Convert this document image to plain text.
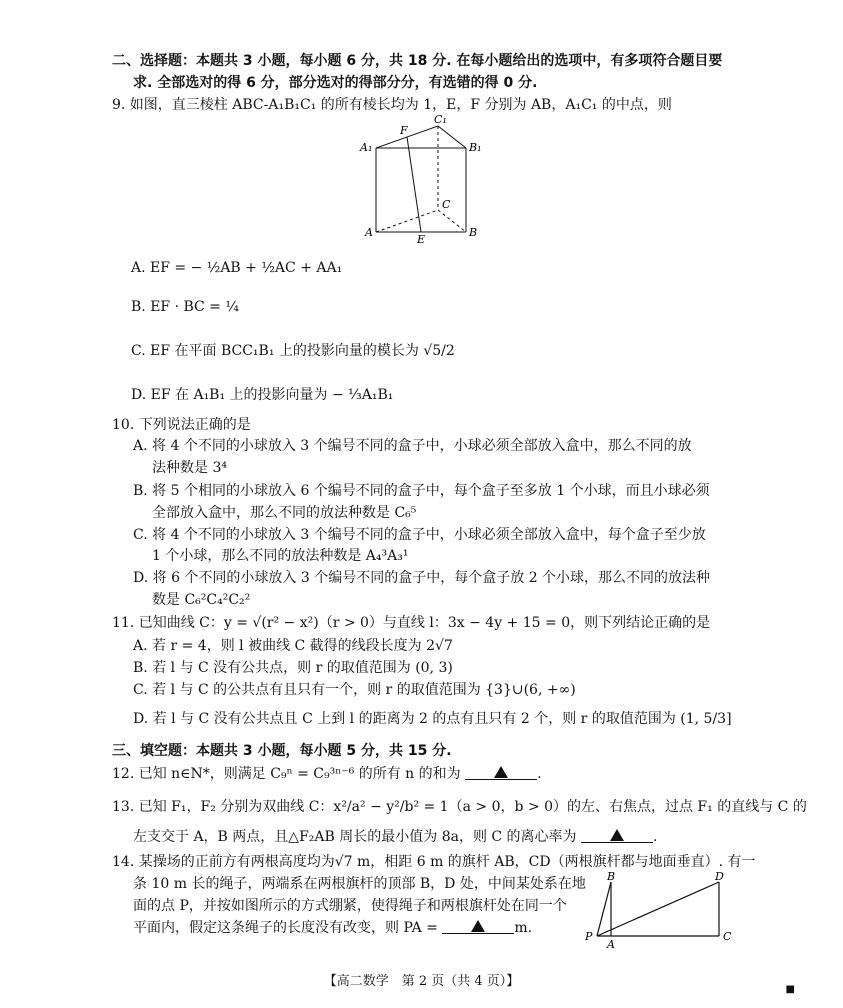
二、选择题：本题共 3 小题，每小题 6 分，共 18 分. 在每小题给出的选项中，有多项符合题目要
求. 全部选对的得 6 分，部分选对的得部分分，有选错的得 0 分.
9. 如图，直三棱柱 ABC-A₁B₁C₁ 的所有棱长均为 1，E，F 分别为 AB，A₁C₁ 的中点，则
A₁	B₁
C₁
F
A	B
C
E
A. EF = − ½AB + ½AC + AA₁
B. EF · BC = ¼
C. EF 在平面 BCC₁B₁ 上的投影向量的模长为 √5/2
D. EF 在 A₁B₁ 上的投影向量为 − ⅓A₁B₁
10. 下列说法正确的是
A. 将 4 个不同的小球放入 3 个编号不同的盒子中，小球必须全部放入盒中，那么不同的放
法种数是 3⁴
B. 将 5 个相同的小球放入 6 个编号不同的盒子中，每个盒子至多放 1 个小球，而且小球必须
全部放入盒中，那么不同的放法种数是 C₆⁵
C. 将 4 个不同的小球放入 3 个编号不同的盒子中，小球必须全部放入盒中，每个盒子至少放
1 个小球，那么不同的放法种数是 A₄³A₃¹
D. 将 6 个不同的小球放入 3 个编号不同的盒子中，每个盒子放 2 个小球，那么不同的放法种
数是 C₆²C₄²C₂²
11. 已知曲线 C：y = √(r² − x²)（r > 0）与直线 l：3x − 4y + 15 = 0，则下列结论正确的是
A. 若 r = 4，则 l 被曲线 C 截得的线段长度为 2√7
B. 若 l 与 C 没有公共点，则 r 的取值范围为 (0, 3)
C. 若 l 与 C 的公共点有且只有一个，则 r 的取值范围为 {3}∪(6, +∞)
D. 若 l 与 C 没有公共点且 C 上到 l 的距离为 2 的点有且只有 2 个，则 r 的取值范围为 (1, 5/3]
三、填空题：本题共 3 小题，每小题 5 分，共 15 分.
12. 已知 n∈N*，则满足 C₉ⁿ = C₉³ⁿ⁻⁶ 的所有 n 的和为	.
13. 已知 F₁，F₂ 分别为双曲线 C：x²/a² − y²/b² = 1（a > 0，b > 0）的左、右焦点，过点 F₁ 的直线与 C 的
左支交于 A，B 两点，且△F₂AB 周长的最小值为 8a，则 C 的离心率为	.
14. 某操场的正前方有两根高度均为√7 m，相距 6 m 的旗杆 AB，CD（两根旗杆都与地面垂直）. 有一
条 10 m 长的绳子，两端系在两根旗杆的顶部 B，D 处，中间某处系在地
面的点 P，并按如图所示的方式绷紧，使得绳子和两根旗杆处在同一个
平面内，假定这条绳子的长度没有改变，则 PA =	m.
B	D
P
A
C
【高二数学　第 2 页（共 4 页）】
■
